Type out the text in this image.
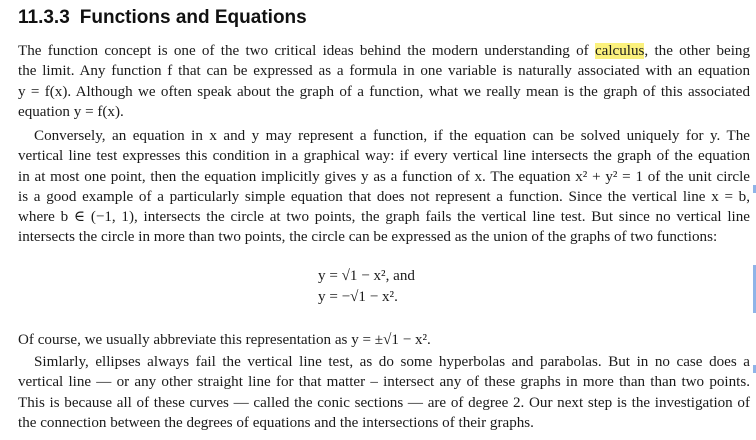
11.3.3 Functions and Equations
The function concept is one of the two critical ideas behind the modern understanding of calculus, the other being
the limit. Any function f that can be expressed as a formula in one variable is naturally associated with an equation
y = f(x). Although we often speak about the graph of a function, what we really mean is the graph of this associated
equation y = f(x).
Conversely, an equation in x and y may represent a function, if the equation can be solved uniquely for y. The
vertical line test expresses this condition in a graphical way: if every vertical line intersects the graph of the equation
in at most one point, then the equation implicitly gives y as a function of x. The equation x² + y² = 1 of the unit circle
is a good example of a particularly simple equation that does not represent a function. Since the vertical line x = b,
where b ∈ (−1, 1), intersects the circle at two points, the graph fails the vertical line test. But since no vertical line
intersects the circle in more than two points, the circle can be expressed as the union of the graphs of two functions:
y = √1 − x², and
y = −√1 − x².
Of course, we usually abbreviate this representation as y = ±√1 − x².
Simlarly, ellipses always fail the vertical line test, as do some hyperbolas and parabolas. But in no case does a
vertical line — or any other straight line for that matter – intersect any of these graphs in more than than two points.
This is because all of these curves — called the conic sections — are of degree 2. Our next step is the investigation of
the connection between the degrees of equations and the intersections of their graphs.
